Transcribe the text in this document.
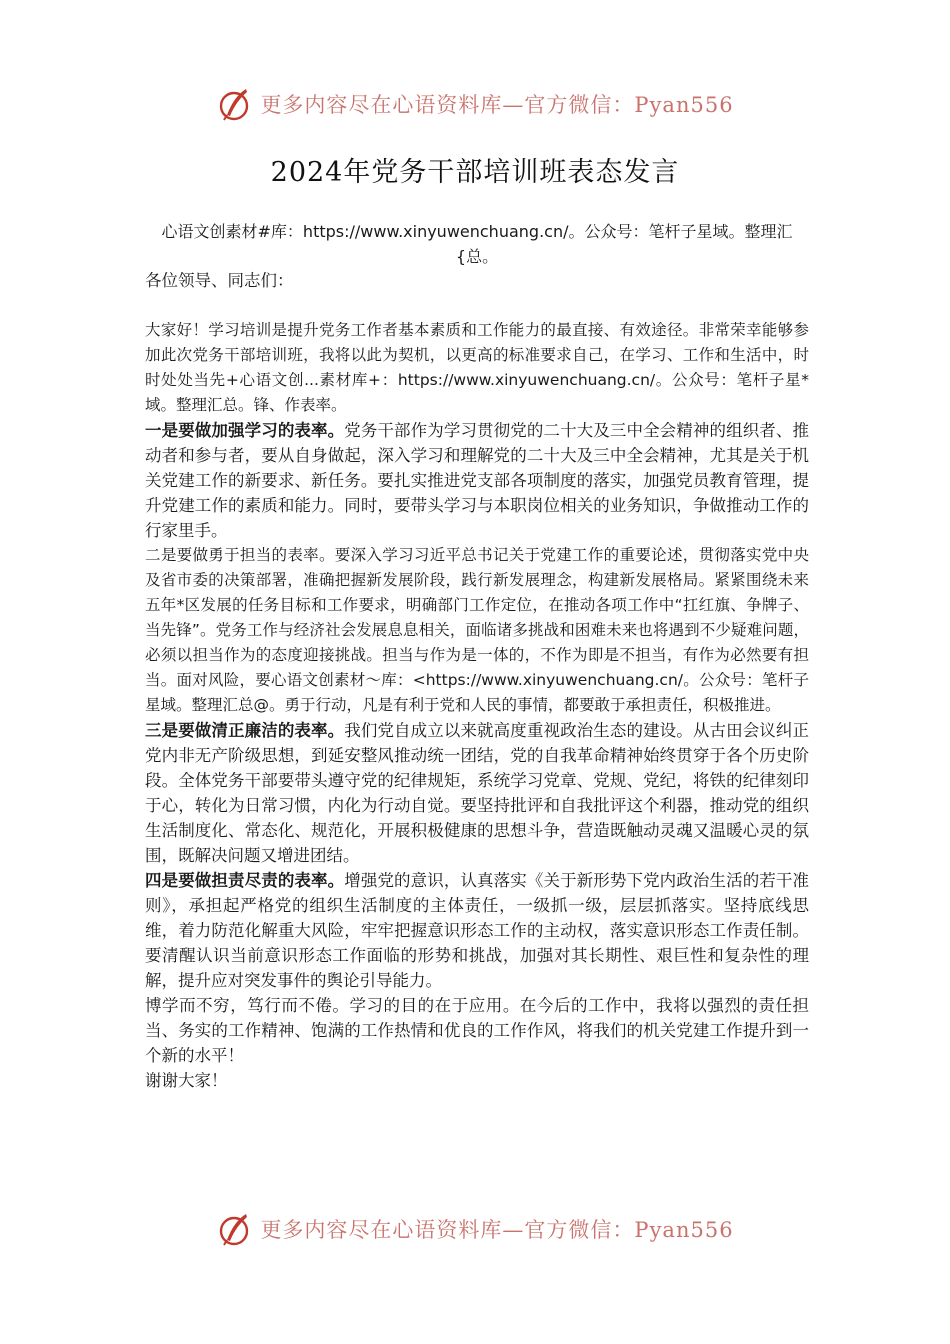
更多内容尽在心语资料库—官方微信：Pyan556
2024年党务干部培训班表态发言
心语文创素材#库：https://www.xinyuwenchuang.cn/。公众号：笔杆子星域。整理汇{总。

各位领导、同志们：

大家好！学习培训是提升党务工作者基本素质和工作能力的最直接、有效途径。非常荣幸能够参加此次党务干部培训班，我将以此为契机，以更高的标准要求自己，在学习、工作和生活中，时时处处当先+心语文创...素材库+：https://www.xinyuwenchuang.cn/。公众号：笔杆子星*域。整理汇总。锋、作表率。

一是要做加强学习的表率。党务干部作为学习贯彻党的二十大及三中全会精神的组织者、推动者和参与者，要从自身做起，深入学习和理解党的二十大及三中全会精神，尤其是关于机关党建工作的新要求、新任务。要扎实推进党支部各项制度的落实，加强党员教育管理，提升党建工作的素质和能力。同时，要带头学习与本职岗位相关的业务知识，争做推动工作的行家里手。

二是要做勇于担当的表率。要深入学习习近平总书记关于党建工作的重要论述，贯彻落实党中央及省市委的决策部署，准确把握新发展阶段，践行新发展理念，构建新发展格局。紧紧围绕未来五年*区发展的任务目标和工作要求，明确部门工作定位，在推动各项工作中“扛红旗、争牌子、当先锋”。党务工作与经济社会发展息息相关，面临诸多挑战和困难未来也将遇到不少疑难问题，必须以担当作为的态度迎接挑战。担当与作为是一体的，不作为即是不担当，有作为必然要有担当。面对风险，要心语文创素材～库：<https://www.xinyuwenchuang.cn/。公众号：笔杆子星域。整理汇总@。勇于行动，凡是有利于党和人民的事情，都要敢于承担责任，积极推进。

三是要做清正廉洁的表率。我们党自成立以来就高度重视政治生态的建设。从古田会议纠正党内非无产阶级思想，到延安整风推动统一团结，党的自我革命精神始终贯穿于各个历史阶段。全体党务干部要带头遵守党的纪律规矩，系统学习党章、党规、党纪，将铁的纪律刻印于心，转化为日常习惯，内化为行动自觉。要坚持批评和自我批评这个利器，推动党的组织生活制度化、常态化、规范化，开展积极健康的思想斗争，营造既触动灵魂又温暖心灵的氛围，既解决问题又增进团结。

四是要做担责尽责的表率。增强党的意识，认真落实《关于新形势下党内政治生活的若干准则》，承担起严格党的组织生活制度的主体责任，一级抓一级，层层抓落实。坚持底线思维，着力防范化解重大风险，牢牢把握意识形态工作的主动权，落实意识形态工作责任制。要清醒认识当前意识形态工作面临的形势和挑战，加强对其长期性、艰巨性和复杂性的理解，提升应对突发事件的舆论引导能力。

博学而不穷，笃行而不倦。学习的目的在于应用。在今后的工作中，我将以强烈的责任担当、务实的工作精神、饱满的工作热情和优良的工作作风，将我们的机关党建工作提升到一个新的水平！

谢谢大家！

更多内容尽在心语资料库—官方微信：Pyan556
